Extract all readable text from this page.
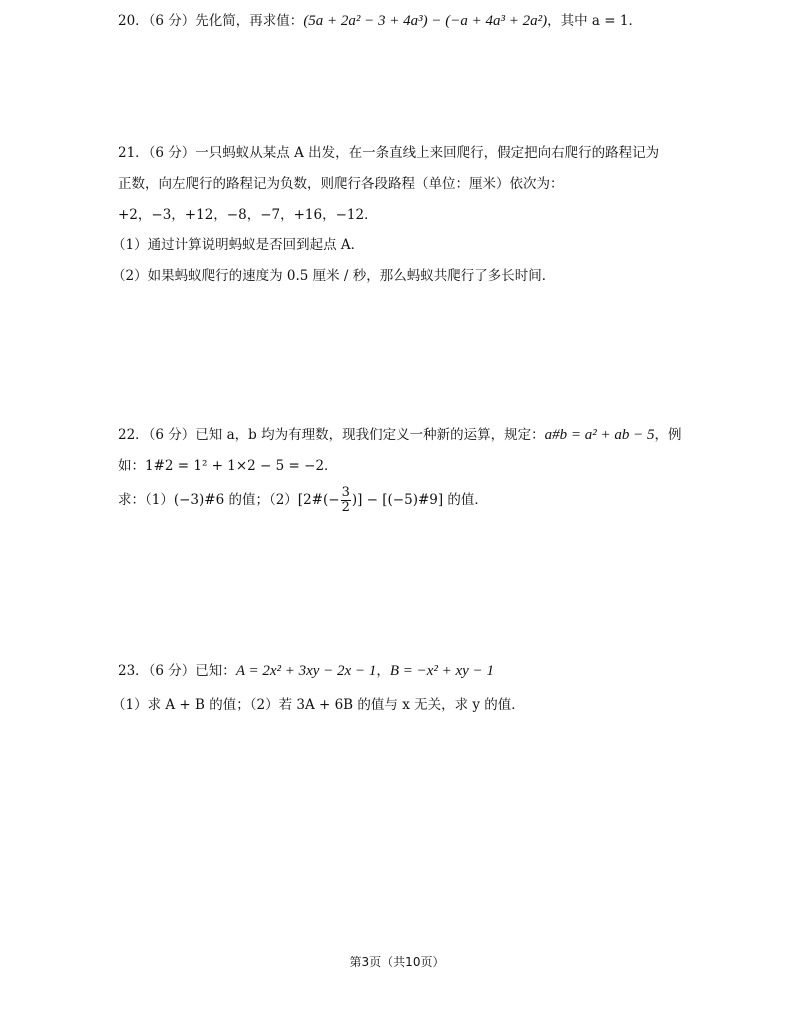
20．（6 分）先化简，再求值：(5a + 2a² − 3 + 4a³) − (−a + 4a³ + 2a²)，其中 a = 1．
21．（6 分）一只蚂蚁从某点 A 出发，在一条直线上来回爬行，假定把向右爬行的路程记为
正数，向左爬行的路程记为负数，则爬行各段路程（单位：厘米）依次为：
+2，−3，+12，−8，−7，+16，−12．
（1）通过计算说明蚂蚁是否回到起点 A．
（2）如果蚂蚁爬行的速度为 0.5 厘米 / 秒，那么蚂蚁共爬行了多长时间．
22．（6 分）已知 a，b 均为有理数，现我们定义一种新的运算，规定：a#b = a² + ab − 5，例
如：1#2 = 1² + 1×2 − 5 = −2．
求：（1）(−3)#6 的值；（2）[2#(− $\frac{3}{2}$ )] − [(−5)#9] 的值．
23．（6 分）已知：A = 2x² + 3xy − 2x − 1，B = −x² + xy − 1
（1）求 A + B 的值；（2）若 3A + 6B 的值与 x 无关，求 y 的值．
第3页（共10页）
